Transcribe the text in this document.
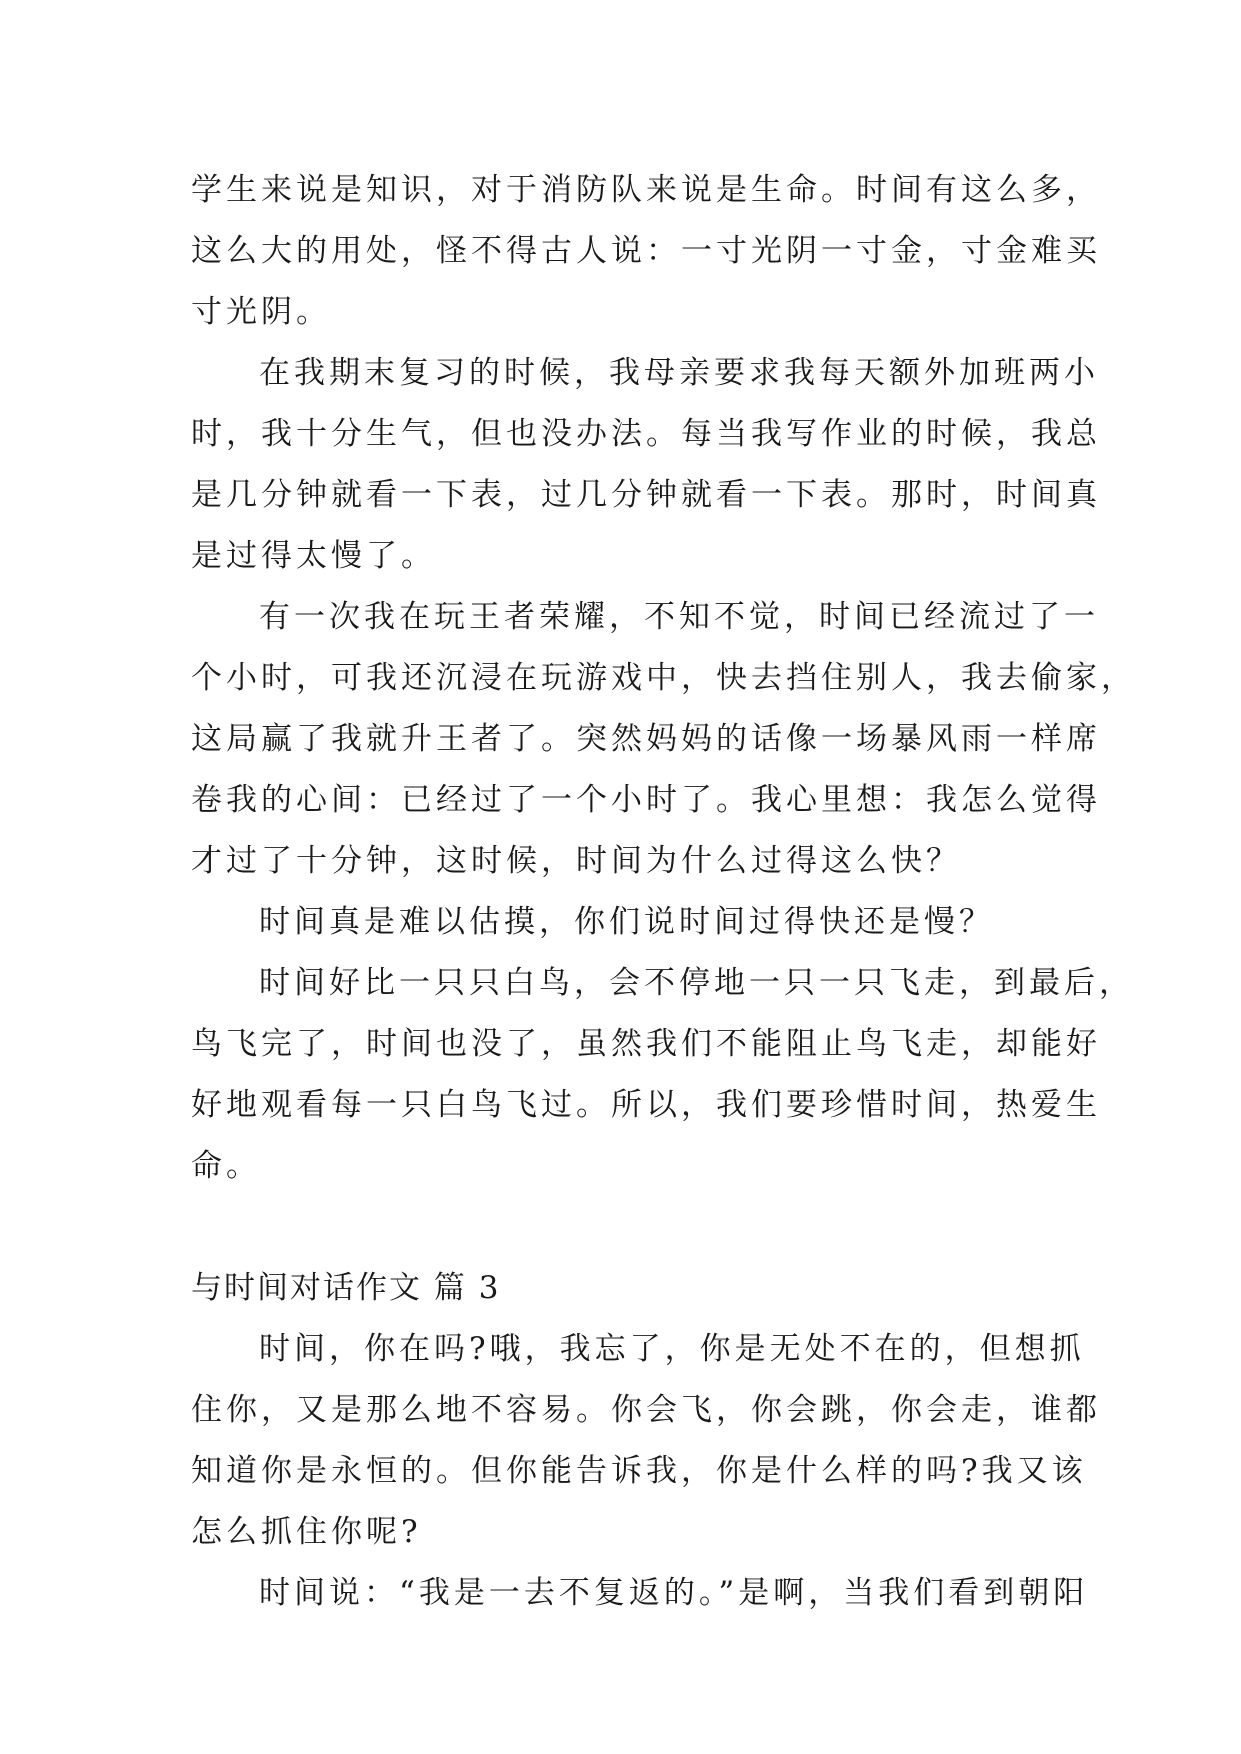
学生来说是知识，对于消防队来说是生命。时间有这么多，
这么大的用处，怪不得古人说：一寸光阴一寸金，寸金难买
寸光阴。
在我期末复习的时候，我母亲要求我每天额外加班两小
时，我十分生气，但也没办法。每当我写作业的时候，我总
是几分钟就看一下表，过几分钟就看一下表。那时，时间真
是过得太慢了。
有一次我在玩王者荣耀，不知不觉，时间已经流过了一
个小时，可我还沉浸在玩游戏中，快去挡住别人，我去偷家，
这局赢了我就升王者了。突然妈妈的话像一场暴风雨一样席
卷我的心间：已经过了一个小时了。我心里想：我怎么觉得
才过了十分钟，这时候，时间为什么过得这么快？
时间真是难以估摸，你们说时间过得快还是慢？
时间好比一只只白鸟，会不停地一只一只飞走，到最后，
鸟飞完了，时间也没了，虽然我们不能阻止鸟飞走，却能好
好地观看每一只白鸟飞过。所以，我们要珍惜时间，热爱生
命。
与时间对话作文 篇 3
时间，你在吗?哦，我忘了，你是无处不在的，但想抓
住你，又是那么地不容易。你会飞，你会跳，你会走，谁都
知道你是永恒的。但你能告诉我，你是什么样的吗?我又该
怎么抓住你呢?
时间说：“我是一去不复返的。”是啊，当我们看到朝阳
